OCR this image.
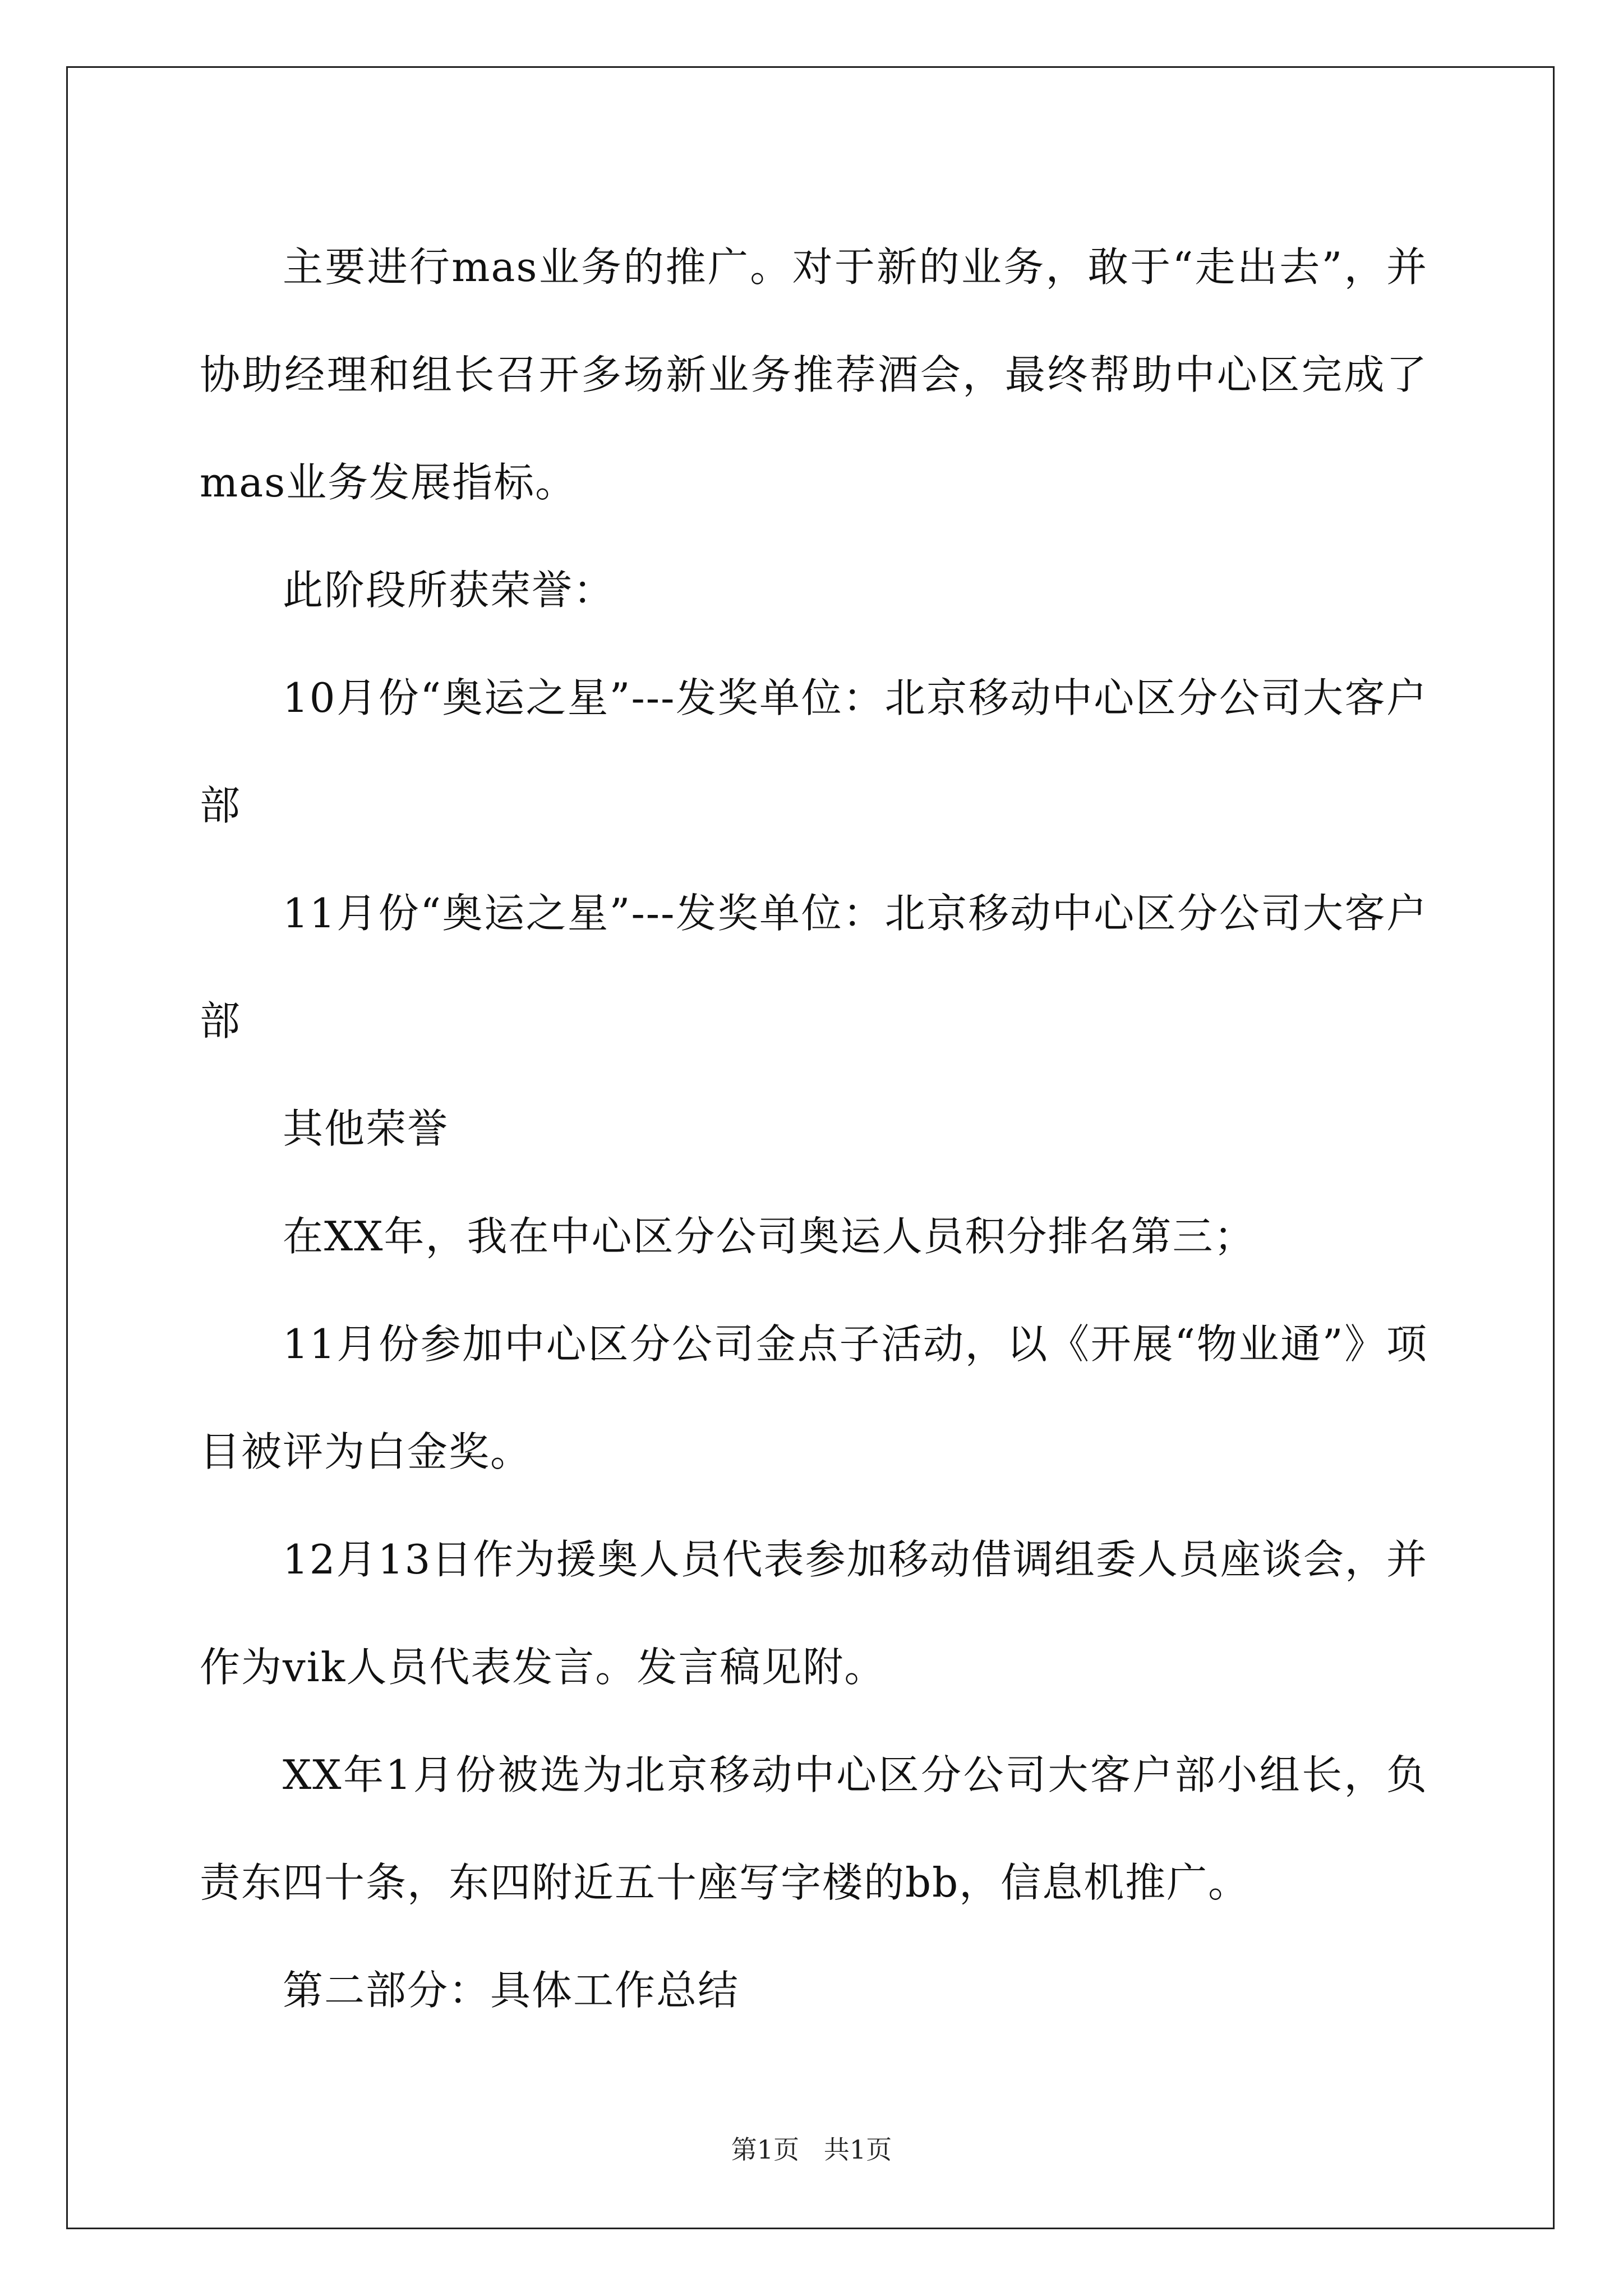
主要进行mas业务的推广。对于新的业务，敢于“走出去”，并协助经理和组长召开多场新业务推荐酒会，最终帮助中心区完成了mas业务发展指标。

此阶段所获荣誉：

10月份“奥运之星”---发奖单位：北京移动中心区分公司大客户部

11月份“奥运之星”---发奖单位：北京移动中心区分公司大客户部

其他荣誉

在XX年，我在中心区分公司奥运人员积分排名第三；

11月份参加中心区分公司金点子活动，以《开展“物业通”》项目被评为白金奖。

12月13日作为援奥人员代表参加移动借调组委人员座谈会，并作为vik人员代表发言。发言稿见附。

XX年1月份被选为北京移动中心区分公司大客户部小组长，负责东四十条，东四附近五十座写字楼的bb，信息机推广。

第二部分：具体工作总结

第1页   共1页
